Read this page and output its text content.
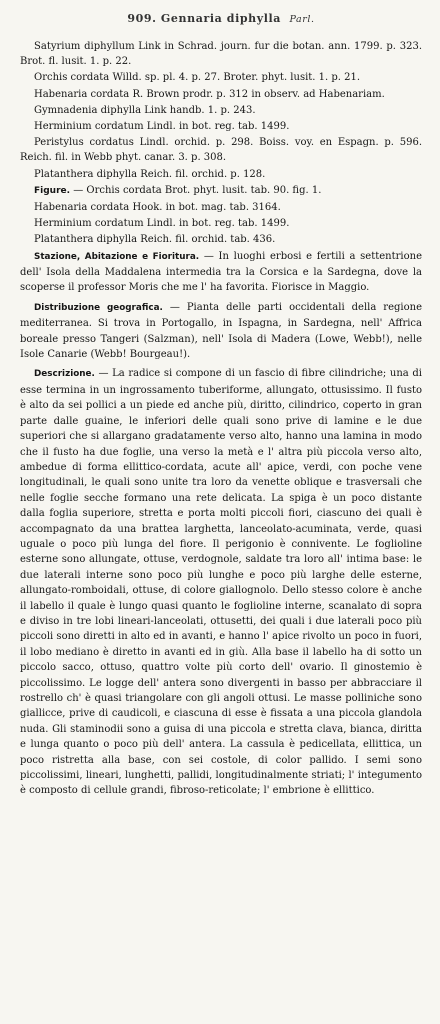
909. Gennaria diphylla Parl.

Satyrium diphyllum Link in Schrad. journ. fur die botan. ann. 1799. p. 323. Brot. fl. lusit. 1. p. 22.

Orchis cordata Willd. sp. pl. 4. p. 27. Broter. phyt. lusit. 1. p. 21.

Habenaria cordata R. Brown prodr. p. 312 in observ. ad Habenariam.

Gymnadenia diphylla Link handb. 1. p. 243.

Herminium cordatum Lindl. in bot. reg. tab. 1499.

Peristylus cordatus Lindl. orchid. p. 298. Boiss. voy. en Espagn. p. 596. Reich. fil. in Webb phyt. canar. 3. p. 308.

Platanthera diphylla Reich. fil. orchid. p. 128.

Figure. — Orchis cordata Brot. phyt. lusit. tab. 90. fig. 1.

Habenaria cordata Hook. in bot. mag. tab. 3164.

Herminium cordatum Lindl. in bot. reg. tab. 1499.

Platanthera diphylla Reich. fil. orchid. tab. 436.

Stazione, Abitazione e Fioritura. — In luoghi erbosi e fertili a settentrione dell' Isola della Maddalena intermedia tra la Corsica e la Sardegna, dove la scoperse il professor Moris che me l' ha favorita. Fiorisce in Maggio.

Distribuzione geografica. — Pianta delle parti occidentali della regione mediterranea. Si trova in Portogallo, in Ispagna, in Sardegna, nell' Affrica boreale presso Tangeri (Salzman), nell' Isola di Madera (Lowe, Webb!), nelle Isole Canarie (Webb! Bourgeau!).

Descrizione. — La radice si compone di un fascio di fibre cilindriche; una di esse termina in un ingrossamento tuberiforme, allungato, ottusissimo. Il fusto è alto da sei pollici a un piede ed anche più, diritto, cilindrico, coperto in gran parte dalle guaine, le inferiori delle quali sono prive di lamine e le due superiori che si allargano gradatamente verso alto, hanno una lamina in modo che il fusto ha due foglie, una verso la metà e l' altra più piccola verso alto, ambedue di forma ellittico-cordata, acute all' apice, verdi, con poche vene longitudinali, le quali sono unite tra loro da venette oblique e trasversali che nelle foglie secche formano una rete delicata. La spiga è un poco distante dalla foglia superiore, stretta e porta molti piccoli fiori, ciascuno dei quali è accompagnato da una brattea larghetta, lanceolato-acuminata, verde, quasi uguale o poco più lunga del fiore. Il perigonio è connivente. Le foglioline esterne sono allungate, ottuse, verdognole, saldate tra loro all' intima base: le due laterali interne sono poco più lunghe e poco più larghe delle esterne, allungato-romboidali, ottuse, di colore giallognolo. Dello stesso colore è anche il labello il quale è lungo quasi quanto le foglioline interne, scanalato di sopra e diviso in tre lobi lineari-lanceolati, ottusetti, dei quali i due laterali poco più piccoli sono diretti in alto ed in avanti, e hanno l' apice rivolto un poco in fuori, il lobo mediano è diretto in avanti ed in giù. Alla base il labello ha di sotto un piccolo sacco, ottuso, quattro volte più corto dell' ovario. Il ginostemio è piccolissimo. Le logge dell' antera sono divergenti in basso per abbracciare il rostrello ch' è quasi triangolare con gli angoli ottusi. Le masse polliniche sono giallicce, prive di caudicoli, e ciascuna di esse è fissata a una piccola glandola nuda. Gli staminodii sono a guisa di una piccola e stretta clava, bianca, diritta e lunga quanto o poco più dell' antera. La cassula è pedicellata, ellittica, un poco ristretta alla base, con sei costole, di color pallido. I semi sono piccolissimi, lineari, lunghetti, pallidi, longitudinalmente striati; l' integumento è composto di cellule grandi, fibroso-reticolate; l' embrione è ellittico.
